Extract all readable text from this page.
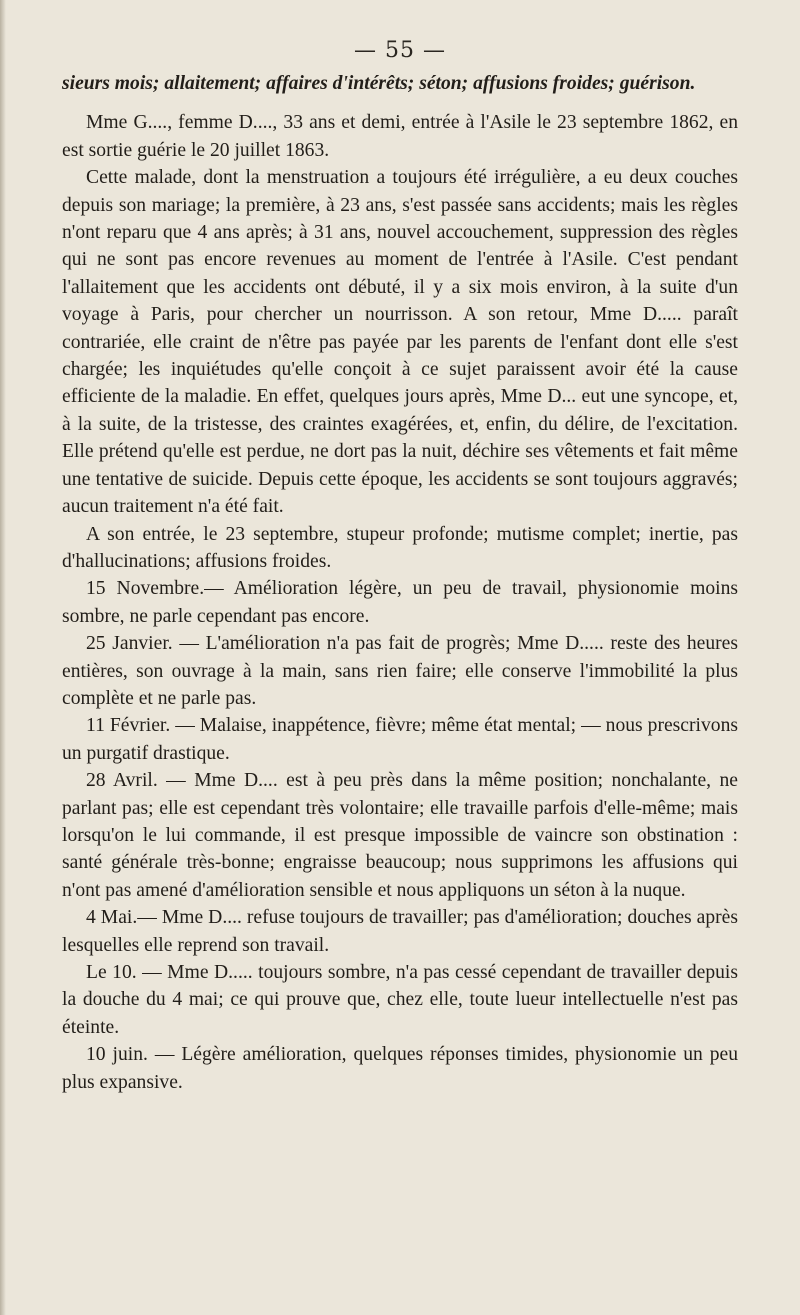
— 55 —

sieurs mois; allaitement; affaires d'intérêts; séton; affusions froides; guérison.

Mme G...., femme D...., 33 ans et demi, entrée à l'Asile le 23 septembre 1862, en est sortie guérie le 20 juillet 1863.

Cette malade, dont la menstruation a toujours été irrégulière, a eu deux couches depuis son mariage; la première, à 23 ans, s'est passée sans accidents; mais les règles n'ont reparu que 4 ans après; à 31 ans, nouvel accouchement, suppression des règles qui ne sont pas encore revenues au moment de l'entrée à l'Asile. C'est pendant l'allaitement que les accidents ont débuté, il y a six mois environ, à la suite d'un voyage à Paris, pour chercher un nourrisson. A son retour, Mme D..... paraît contrariée, elle craint de n'être pas payée par les parents de l'enfant dont elle s'est chargée; les inquiétudes qu'elle conçoit à ce sujet paraissent avoir été la cause efficiente de la maladie. En effet, quelques jours après, Mme D... eut une syncope, et, à la suite, de la tristesse, des craintes exagérées, et, enfin, du délire, de l'excitation. Elle prétend qu'elle est perdue, ne dort pas la nuit, déchire ses vêtements et fait même une tentative de suicide. Depuis cette époque, les accidents se sont toujours aggravés; aucun traitement n'a été fait.

A son entrée, le 23 septembre, stupeur profonde; mutisme complet; inertie, pas d'hallucinations; affusions froides.

15 Novembre.— Amélioration légère, un peu de travail, physionomie moins sombre, ne parle cependant pas encore.

25 Janvier. — L'amélioration n'a pas fait de progrès; Mme D..... reste des heures entières, son ouvrage à la main, sans rien faire; elle conserve l'immobilité la plus complète et ne parle pas.

11 Février. — Malaise, inappétence, fièvre; même état mental; — nous prescrivons un purgatif drastique.

28 Avril. — Mme D.... est à peu près dans la même position; nonchalante, ne parlant pas; elle est cependant très volontaire; elle travaille parfois d'elle-même; mais lorsqu'on le lui commande, il est presque impossible de vaincre son obstination : santé générale très-bonne; engraisse beaucoup; nous supprimons les affusions qui n'ont pas amené d'amélioration sensible et nous appliquons un séton à la nuque.

4 Mai.— Mme D.... refuse toujours de travailler; pas d'amélioration; douches après lesquelles elle reprend son travail.

Le 10. — Mme D..... toujours sombre, n'a pas cessé cependant de travailler depuis la douche du 4 mai; ce qui prouve que, chez elle, toute lueur intellectuelle n'est pas éteinte.

10 juin. — Légère amélioration, quelques réponses timides, physionomie un peu plus expansive.
